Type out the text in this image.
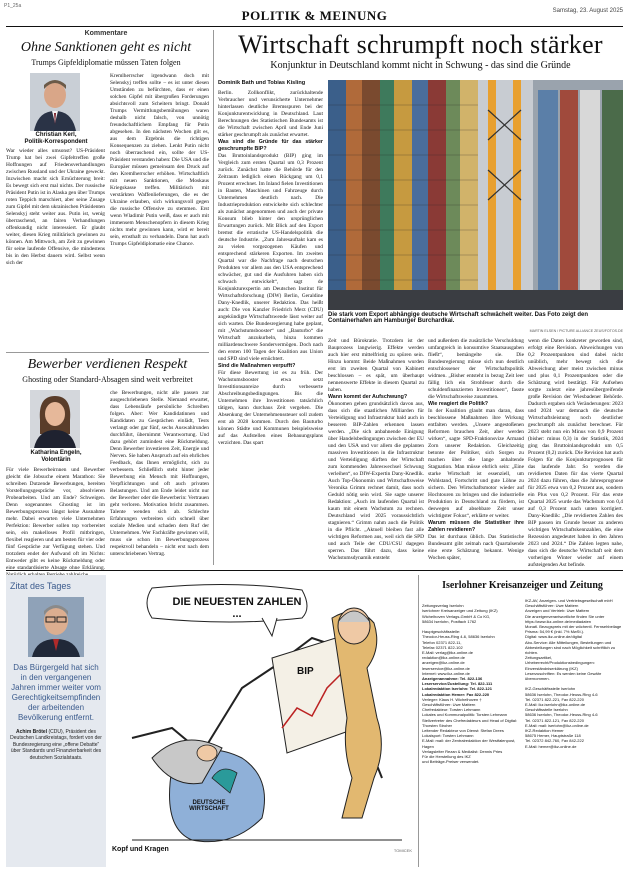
P1_25a
POLITIK & MEINUNG	Samstag, 23. August 2025
Kommentare
Ohne Sanktionen geht es nicht
Trumps Gipfeldiplomatie müssen Taten folgen
Christian Kerl,
Politik-Korrespondent
War wieder alles umsonst? US-Präsident Trump hat bei zwei Gipfeltreffen große Hoffnungen auf Friedensverhandlungen zwischen Russland und der Ukraine geweckt. Inzwischen macht sich Ernüchterung breit: Es bewegt sich erst mal nichts. Der russische Präsident Putin ist in Alaska gen über Trumps roten Teppich marschiert, aber seine Zusage zum Gipfel mit dem ukrainischen Präsidenten Selenskyj steht weiter aus. Putin ist, wenig überraschend, an fairen Verhandlungen offenkundig nicht interessiert. Er glaubt weiter, diesen Krieg militärisch gewinnen zu können. Am Mittwoch, am Zeit zu gewinnen für seine laufende Offensive, die mindestens bis in den Herbst dauern wird. Selbst wenn sich der
Kremlherrscher irgendwann doch mit Selenskyj treffen sollte – es ist unter diesen Umständen zu befürchten, dass er einen solchen Gipfel mit übergroßen Forderungen absichtsvoll zum Scheitern bringt. Donald Trumps Vermittlungsbemühungen waren deshalb nicht falsch, von unnötig freundschaftlichem Empfang für Putin abgesehen. In den nächsten Wochen gilt es, aus dem Ergebnis die richtigen Konsequenzen zu ziehen. Lenkt Putin nicht noch überraschend ein, sollte der US-Präsident verstanden haben: Die USA und die Europäer müssen gemeinsam den Druck auf den Kremlherrscher erhöhen. Wirtschaftlich mit neuen Sanktionen, die Moskaus Kriegskasse treffen. Militärisch mit verstärkten Waffenlieferungen, die es der Ukraine erlauben, sich wirkungsvoll gegen die russische Offensive zu stemmen. Erst wenn Wladimir Putin weiß, dass er auch mit immensem Menschenopfern in diesem Krieg nichts mehr gewinnen kann, wird er bereit sein, ernsthaft zu verhandeln. Dann hat auch Trumps Gipfeldiplomatie eine Chance.
Bewerber verdienen Respekt
Ghosting oder Standard-Absagen sind weit verbreitet
Katharina Engeln,
Volontärin
Für viele Bewerbeirnnen und Bewerber gleicht die Jobsuche einem Marathon: Sie schreiben Dutzende Bewerbungen, bereiten Vorstellungsgespräche vor, absolvieren Probearbeiten. Und am Ende? Schweigen. Denn sogenanntes Ghosting ist im Bewerbungsprozess längst keine Ausnahme mehr. Dabei erwarten viele Unternehmen Perfektion: Bewerber sollen top vorbereitet sein, ein makelloses Profil mitbringen, flexibel reagieren und am besten für vier oder fünf Gespräche zur Verfügung stehen. Und trotzdem endet der Aufwand oft im Nichts: Entweder gibt es keine Rückmeldung oder eine standardisierte Absage ohne Erklärung.
che Bewerbungen, nicht alle passen zur ausgeschriebenen Stelle. Niemand erwartet, dass Lebensläufe persönliche Schreiben folgen. Aber: Wer Kandidatinnen und Kandidaten zu Gesprächen einlädt, Tests verlangt oder gar fünf, sechs Auswahlrunden durchführt, übernimmt Verantwortung. Und dazu gehört zumindest eine Rückmeldung. Denn Bewerber investieren Zeit, Energie und Nerven. Sie haben Anspruch auf ein ehrliches Feedback, das Ihnen ermöglicht, sich zu verbessern. Schließlich steht hinter jeder Bewerbung ein Mensch mit Hoffnungen, Verpflichtungen und oft auch privaten Belastungen. Und am Ende leidet nicht nur der Bewerber oder die Bewerberin: Vertrauen geht verloren. Motivation bricht zusammen. Talente wenden sich ab. Schlechte Erfahrungen verbreiten sich schnell über soziale Medien und schaden dem Ruf der Unternehmen. Wer Fachkräfte gewinnen will, muss sie schon im Bewerbungsprozess respektvoll behandeln – nicht erst nach dem unterschriebenen Vertrag.
Wirtschaft schrumpft noch stärker
Konjunktur in Deutschland kommt nicht in Schwung - das sind die Gründe
Dominik Bath und Tobias Kisling
Berlin. Zollkonflikt, zurückhaltende Verbraucher und verunsicherte Unternehmer hinterlassen deutliche Bremsspuren bei der Konjunkturentwicklung in Deutschland. Laut Berechnungen des Statistischen Bundesamts ist die Wirtschaft zwischen April und Ende Juni stärker geschrumpft als zunächst erwartet.
Was sind die Gründe für das stärker geschrumpfte BIP?
Das Bruttoinlandsprodukt (BIP) ging im Vergleich zum ersten Quartal um 0,3 Prozent zurück. Zunächst hatte die Behörde für den Zeitraum lediglich einen Rückgang um 0,1 Prozent errechnet. Im Inland fielen Investitionen in Bauten, Maschinen und Fahrzeuge durch Unternehmen deutlich nach. Die Industrieproduktion entwickelte sich schlechter als zunächst angenommen und auch der private Konsum blieb hinter den ursprünglichen Erwartungen zurück. Mit Blick auf den Export bremst die erratische US-Handelspolitik die deutsche Industrie. „Zum Jahresauftakt kam es zu vielen vorgezogenen Käufen und entsprechend stärkeren Exporten. Im zweiten Quartal war die Nachfrage nach deutschen Produkten vor allem aus den USA entsprechend schwächer, gut und die Ausfuhren haben sich schwach entwickelt“, sagt de Konjunkturexpertin am Deutschen Institut für Wirtschaftsforschung (DIW) Berlin, Geraldine Dany-Knedlik, unserer Redaktion. Das heißt auch: Die von Kanzler Friedrich Merz (CDU) angekündigte Wirtschaftswende lässt weiter auf sich warten. Die Bundesregierung habe geplant, mit „Wachstumsbooster“ und „Bauturbo“ die Wirtschaft anzukurbeln, hinzu kommen milliardenschwere Sondervermögen. Doch nach den ersten 100 Tagen der Koalition aus Union und SPD sind viele ernüchtert.
Sind die Maßnahmen verpufft?
Für diese Bewertung ist es zu früh. Der Wachstumsbooster etwa setzt Investitionsanreize durch verbesserte Abschreibungsbedingungen. Bis die Unternehmen ihre Investitionen tatsächlich tätigen, kann durchaus Zeit vergehen. Die Absenkung der Unternehmenssteuer soll zudem erst ab 2028 kommen. Durch den Bauturbo können Städte und Kommunen beispielsweise auf das Aufstellen eines Bebauungsplans verzichten. Das spart
Die stark vom Export abhängige deutsche Wirtschaft schwächelt weiter. Das Foto zeigt den Containerhafen am Hamburger Burchardkai.
MARTIN ELSEN / PICTURE ALLIANCE ZEUS/FOTOS.DE
Zeit und Bürokratie. Trotzdem ist der Bauprozess langwierig. Effekte werden auch hier erst mittelfristig zu spüren sein. Hinzu kommt: Beide Maßnahmen wurden erst im zweiten Quartal von Kabinett beschlossen – es spät, um überhaupt nennenswerte Effekte in diesem Quartal zu haben.
Wann kommt der Aufschwung?
Ökonomen gehen grundsätzlich davon aus, dass sich die staatlichen Milliarden für Verteidigung und Infrastruktur bald auch in besseren BIP-Zahlen erkennen lassen werden. „Die sich anbahnende Einigung über Handelsbedingungen zwischen der EU und den USA und vor allem die geplanten massiven Investitionen in die Infrastruktur und Verteidigung dürften der Wirtschaft zum kommenden Jahreswechsel Schwung verleihen“, so DIW-Expertin Dany-Knedlik. Auch Top-Ökonomin und Wirtschaftsweise Veronika Grimm rechnet damit, dass noch Geduld nötig sein wird. Sie sagte unserer Redaktion: „Auch im laufenden Quartal ist kaum mit einem Wachstum zu rechnen. Deutschland wird 2025 voraussichtlich stagnieren.“ Grimm nahm auch die Politik in die Pflicht. „Aktuell bleiben fast alle wichtigen Reformen aus, weil sich die SPD und auch Teile der CDU/CSU dagegen sperren. Das führt dazu, dass keine Wachstumsdynamik entsteht
und außerdem die zusätzliche Verschuldung umfangreich in konsumtive Staatsausgaben fließt“, bemängelte sie. Die Bundesregierung müsse sich nun deutlich entschlossener der Wirtschaftspolitik widmen. „Bisher entsteht in bezug Zeit leer fällig lich ein Strohfeuer durch die schuldenfinanzierten Investitionen“, fasste die Wirtschaftsweise zusammen.
Wie reagiert die Politik?
In der Koalition glaubt man daran, dass beschlossene Maßnahmen ihre Wirkung entfalten werden. „Unsere angestoßenen Reformen brauchen Zeit, aber werden wirken“, sagte SPD-Fraktionsvize Armand Zorn unserer Redaktion. Gleichzeitig betonte der Politiker, sich Sorgen zu machen über die lange anhaltende Stagnation. Man müsse ehrlich sein: „Eine starke Wirtschaft ist essenziell, um Wohlstand, Fortschritt und gute Löhne zu sichern. Den Wirtschaftsmotor wieder auf Hochtouren zu bringen und die industrielle Produktion in Deutschland zu fördern, ist deswegen auf absehbare Zeit unser wichtigster Fokus“, erklärte er weiter.
Warum müssen die Statistiker ihre Zahlen revidieren?
Das ist durchaus üblich. Das Statistische Bundesamt gibt zeitnah nach Quartalsende eine erste Schätzung bekannt. Wenige Wochen später,
wenn die Daten konkreter geworden sind, erfolgt eine Revision. Abweichungen von 0,2 Prozentpunkten sind dabei nicht unüblich, mehr bewegt sich die Abweichung aber meist zwischen minus und plus 0,1 Prozentpunkten oder die Schätzung wird bestätigt. Für Aufsehen sorgte zuletzt eine jahresübergreifende große Revision der Wiesbadener Behörde. Dadurch ergaben sich Veränderungen: 2023 und 2024 war demnach die deutsche Wirtschaftsleistung noch deutlicher geschrumpft als zunächst berechnet. Für 2023 steht nun ein Minus von 0,9 Prozent (bisher: minus 0,3) in der Statistik, 2024 ging das Bruttoinlandsprodukt um 0,5 Prozent (0,2) zurück. Die Revision hat auch Folgen für die Konjunkturprognosen für das laufende Jahr. So werden die revidierten Daten für das vierte Quartal 2024 dazu führen, dass die Jahresprognose für 2025 etwa von 0,2 Prozent aus, sondern ein Plus von 0,2 Prozent. Für das erste Quartal 2025 wurde das Wachstum von 0,4 auf 0,3 Prozent nach unten korrigiert. Dany-Knedlik: „Die revidierten Zahlen des BIP passen im Grunde besser zu anderen wichtigen Wirtschaftskennzahlen, die eine Rezession angedeutet haben in den Jahren 2023 und 2024.“ Die Zahlen legten nahe, dass sich die deutsche Wirtschaft seit dem vorherigen Winter wieder auf einem aufsteigenden Ast befinde.
Zitat des Tages
Das Bürgergeld hat sich in den vergangenen Jahren immer weiter vom Gerechtigkeitsempfinden der arbeitenden Bevölkerung entfernt.
Achim Brötel (CDU), Präsident des Deutschen Landkreistags, fordert von der Bundesregierung eine „offene Debatte“ über Standards und Finanzierbarkeit des deutschen Sozialstaats.
DIE NEUESTEN ZAHLEN ...
BIP
DEUTSCHE WIRTSCHAFT
Kopf und Kragen	TOMICEK
Iserlohner Kreisanzeiger und Zeitung

Zeitungsverlag Iserlohn
Iserlohner Kreisanzeiger und Zeitung (IKZ)
Wichelhoven Verlags-GmbH & Co KG,
58634 Iserlohn, Postfach 1762

Hauptgeschäftsstelle:
Theodor-Heuss-Ring 4-6, 58636 Iserlohn
Telefon 02371 822-11,
Telefax 02371 822-102
E-Mail: verlag@ikz-online.de
redaktion@ikz-online.de
anzeigen@ikz-online.de
leserservice@ikz-online.de
Internet: www.ikz-online.de
Anzeigenannahme: Tel. 822-136
Leserservice/Zustellung: Tel. 822-111
Lokalredaktion Iserlohn: Tel. 822-121
Lokalredaktion Hemer: Fax 822-220
Verleger: Klaus H. Wichelhoven †
Geschäftsführer: Uwe Mattern
Chefredakteur: Torsten Lehmann
Lokales und Kommunalpolitik: Torsten Lehmann
Stellvertreter des Chefredakteurs und Head of Digital: Thorsten Stroher
Leitender Redakteur von Dienst: Stefan Drees
Lokalsport: Torsten Lehmann
E-Mail: mail: der Zentralredaktion der Westfalenpost, Hagen
Verlagsleiter Rezan & Medialist: Dennis Pries
Für die Herstellung des IKZ
und Beiträge-Preiser verwendet.

IKZ-AV, Anzeigen- und Vertriebsgesellschaft mbH
Geschäftsführer: Uwe Mattern
Anzeigen und Vertrieb: Uwe Mattern
Die anzeigenverantwortliche finden Sie unter https://www.ikz-online.de/mediadaten
Monatl. Bezugspreis mit der wöchentl. Fernsehbeilage Prisma: 54,99 € (inkl. 7% MwSt.).
Digital: www.ikz-online.de/digital
Abo-Service: Alle Mitteilungen, Bestellungen und Abbestellungen sind nach Möglichkeit schriftlich zu richten.
Zeitungsartikel, Urheberrecht/Produktionsbedingungen: Einverständniserklärung (IKZ)
Leserzuschriften: Es werden keine Gewähr übernommen.

IKZ-Geschäftsstelle Iserlohn
58636 Iserlohn, Theodor-Heuss-Ring 4-6
Tel. 02371 822-221, Fax 822-220
E-Mail: ikz.iserlohn@ikz-online.de
Geschäftsstelle Iserlohn
58636 Iserlohn, Theodor-Heuss-Ring 4-6
Tel. 02371 822-121, Fax 822-220
E-Mail: mail: iserlohn@ikz-online.de
IKZ-Redaktion Hemer
58675 Hemer, Hauptstraße 118
Tel. 02372 842-760, Fax 842-222
E-Mail: hemer@ikz-online.de
